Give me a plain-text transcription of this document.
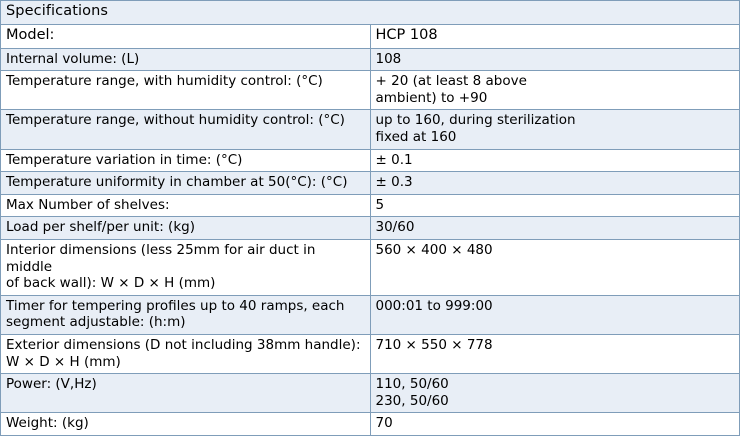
Specifications	

Model:	HCP 108

Internal volume: (L)	108

Temperature range, with humidity control: (°C)	+ 20 (at least 8 above
ambient) to +90

Temperature range, without humidity control: (°C)	up to 160, during sterilization
fixed at 160

Temperature variation in time: (°C)	± 0.1

Temperature uniformity in chamber at 50(°C): (°C)	± 0.3

Max Number of shelves:	5

Load per shelf/per unit: (kg)	30/60

Interior dimensions (less 25mm for air duct in middle
of back wall): W × D × H (mm)	560 × 400 × 480

Timer for tempering profiles up to 40 ramps, each
segment adjustable: (h:m)	000:01 to 999:00

Exterior dimensions (D not including 38mm handle):
W × D × H (mm)	710 × 550 × 778

Power: (V,Hz)	110, 50/60
230, 50/60

Weight: (kg)	70
